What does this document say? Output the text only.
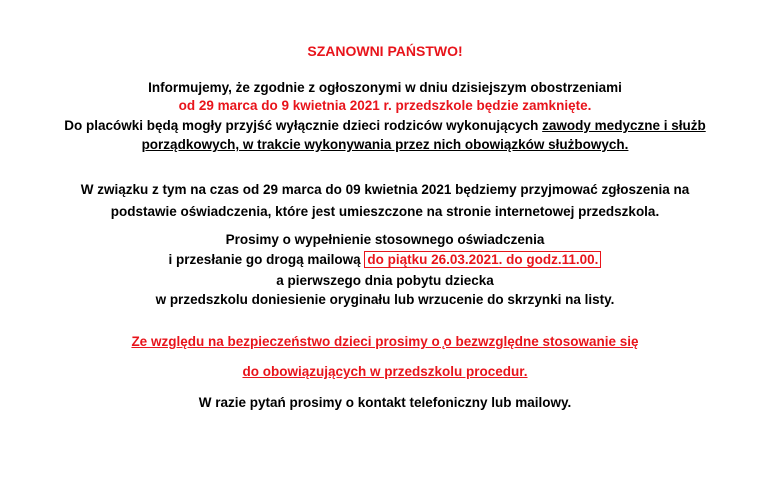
SZANOWNI PAŃSTWO!
Informujemy, że zgodnie z ogłoszonymi w dniu dzisiejszym obostrzeniami
od 29 marca do 9 kwietnia 2021 r. przedszkole będzie zamknięte.
Do placówki będą mogły przyjść wyłącznie dzieci rodziców wykonujących zawody medyczne i służb
porządkowych, w trakcie wykonywania przez nich obowiązków służbowych.
W związku z tym na czas od 29 marca do 09 kwietnia 2021 będziemy przyjmować zgłoszenia na
podstawie oświadczenia, które jest umieszczone na stronie internetowej przedszkola.
Prosimy o wypełnienie stosownego oświadczenia
i przesłanie go drogą mailową do piątku 26.03.2021. do godz.11.00.
a pierwszego dnia pobytu dziecka
w przedszkolu doniesienie oryginału lub wrzucenie do skrzynki na listy.
Ze względu na bezpieczeństwo dzieci prosimy o ̨o bezwzględne stosowanie się
do obowiązujących w przedszkolu procedur.
W razie pytań prosimy o kontakt telefoniczny lub mailowy.
